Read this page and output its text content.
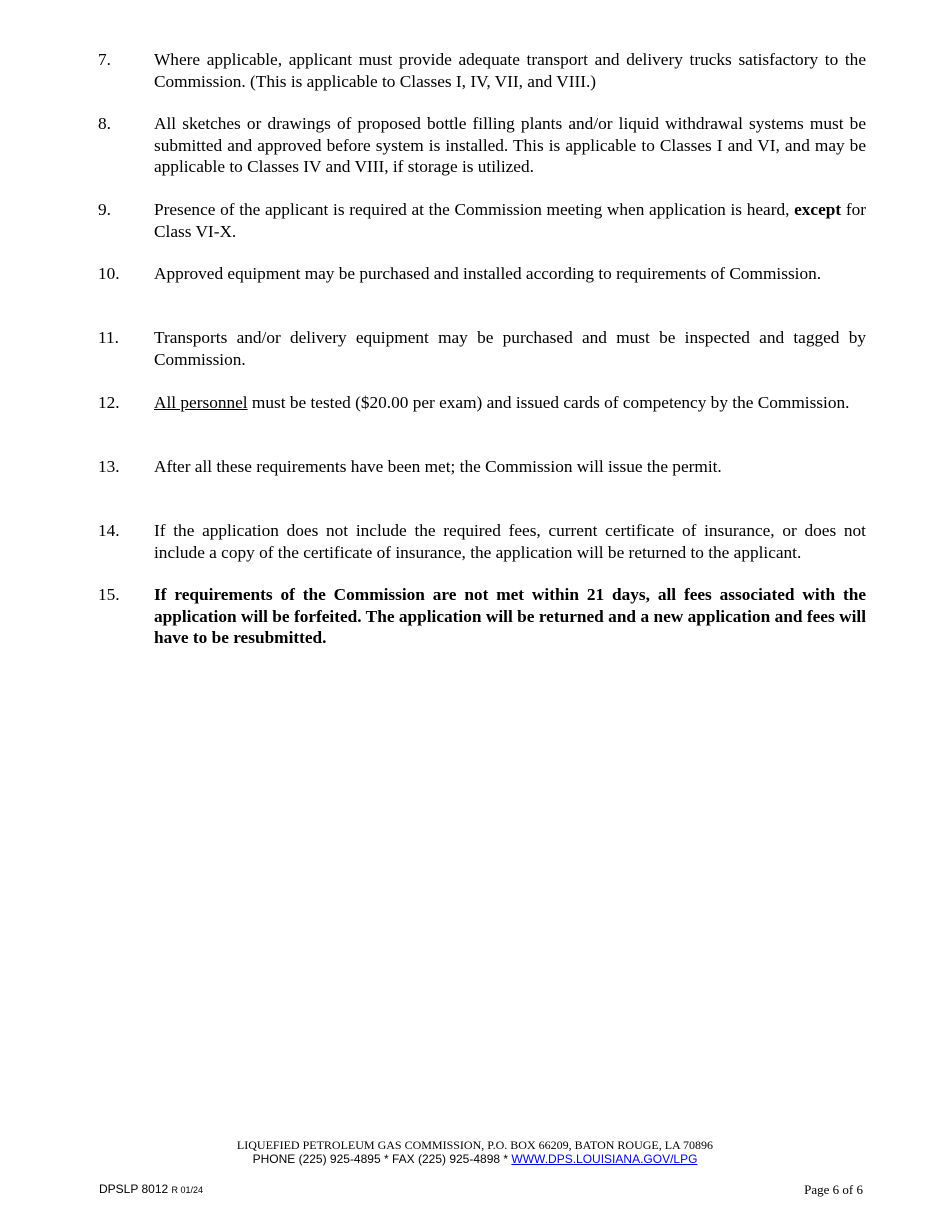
7. Where applicable, applicant must provide adequate transport and delivery trucks satisfactory to the Commission. (This is applicable to Classes I, IV, VII, and VIII.)
8. All sketches or drawings of proposed bottle filling plants and/or liquid withdrawal systems must be submitted and approved before system is installed. This is applicable to Classes I and VI, and may be applicable to Classes IV and VIII, if storage is utilized.
9. Presence of the applicant is required at the Commission meeting when application is heard, except for Class VI-X.
10. Approved equipment may be purchased and installed according to requirements of Commission.
11. Transports and/or delivery equipment may be purchased and must be inspected and tagged by Commission.
12. All personnel must be tested ($20.00 per exam) and issued cards of competency by the Commission.
13. After all these requirements have been met; the Commission will issue the permit.
14. If the application does not include the required fees, current certificate of insurance, or does not include a copy of the certificate of insurance, the application will be returned to the applicant.
15. If requirements of the Commission are not met within 21 days, all fees associated with the application will be forfeited. The application will be returned and a new application and fees will have to be resubmitted.
LIQUEFIED PETROLEUM GAS COMMISSION, P.O. BOX 66209, BATON ROUGE, LA 70896
PHONE (225) 925-4895 * FAX (225) 925-4898 * WWW.DPS.LOUISIANA.GOV/LPG
DPSLP 8012 R 01/24	Page 6 of 6
